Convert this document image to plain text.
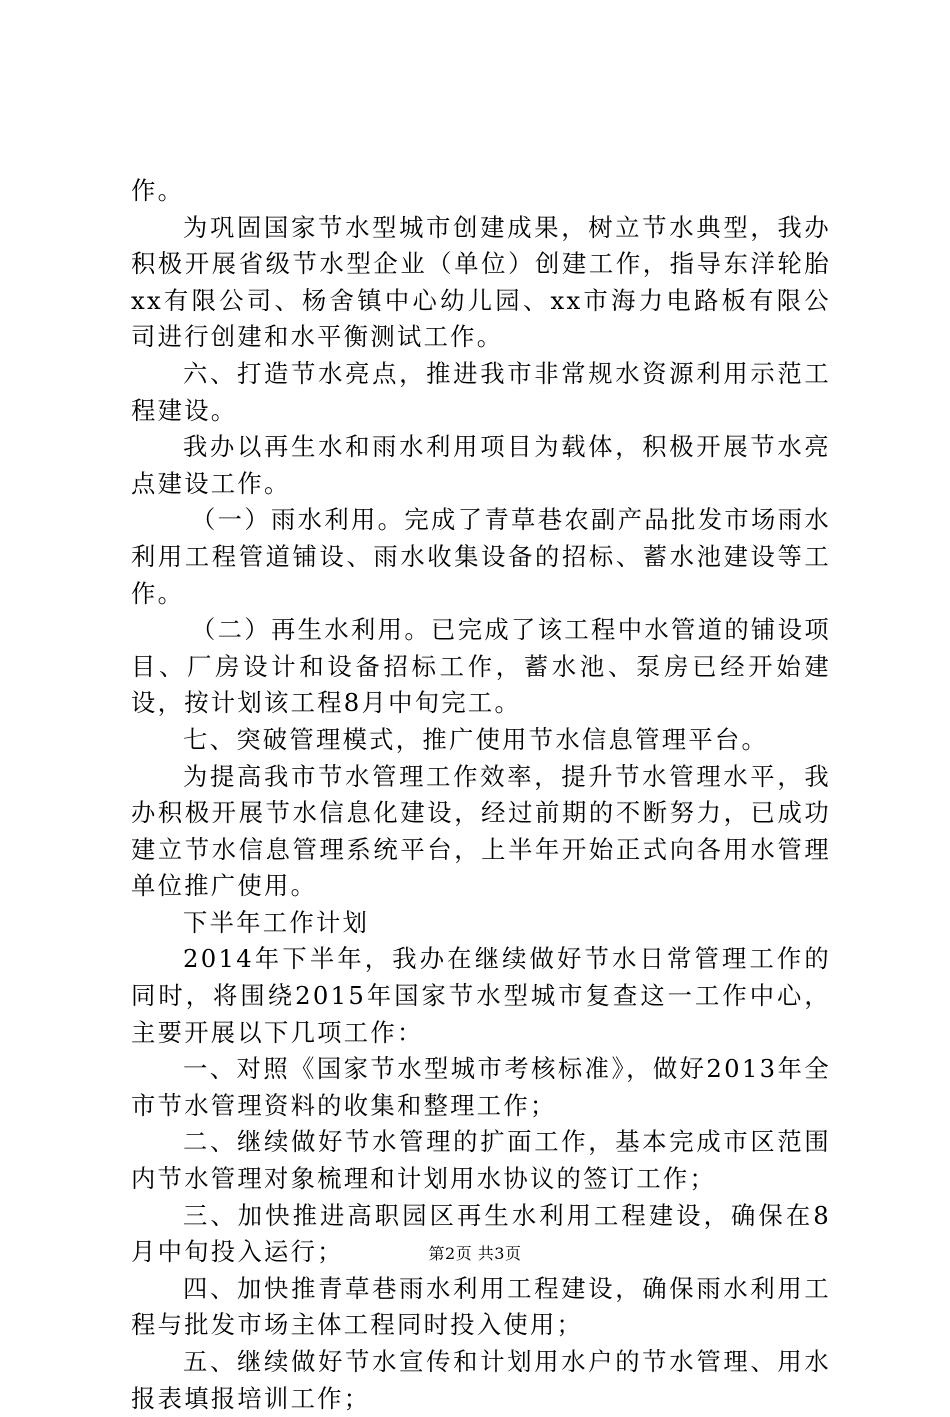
作。

为巩固国家节水型城市创建成果，树立节水典型，我办积极开展省级节水型企业（单位）创建工作，指导东洋轮胎xx有限公司、杨舍镇中心幼儿园、xx市海力电路板有限公司进行创建和水平衡测试工作。

六、打造节水亮点，推进我市非常规水资源利用示范工程建设。

我办以再生水和雨水利用项目为载体，积极开展节水亮点建设工作。

（一）雨水利用。完成了青草巷农副产品批发市场雨水利用工程管道铺设、雨水收集设备的招标、蓄水池建设等工作。

（二）再生水利用。已完成了该工程中水管道的铺设项目、厂房设计和设备招标工作，蓄水池、泵房已经开始建设，按计划该工程8月中旬完工。

七、突破管理模式，推广使用节水信息管理平台。

为提高我市节水管理工作效率，提升节水管理水平，我办积极开展节水信息化建设，经过前期的不断努力，已成功建立节水信息管理系统平台，上半年开始正式向各用水管理单位推广使用。

下半年工作计划

2014年下半年，我办在继续做好节水日常管理工作的同时，将围绕2015年国家节水型城市复查这一工作中心，主要开展以下几项工作：

一、对照《国家节水型城市考核标准》，做好2013年全市节水管理资料的收集和整理工作；

二、继续做好节水管理的扩面工作，基本完成市区范围内节水管理对象梳理和计划用水协议的签订工作；

三、加快推进高职园区再生水利用工程建设，确保在8月中旬投入运行；

四、加快推青草巷雨水利用工程建设，确保雨水利用工程与批发市场主体工程同时投入使用；

五、继续做好节水宣传和计划用水户的节水管理、用水报表填报培训工作；

第2页 共3页
